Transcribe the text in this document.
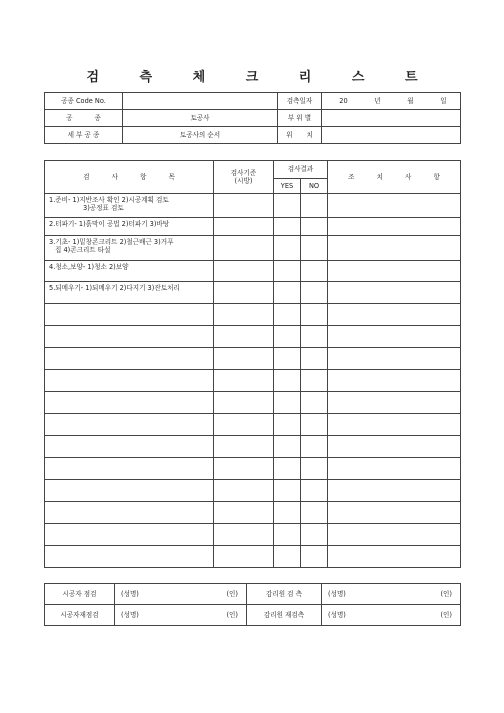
검 측 체 크 리 스 트
공종 Code No.		검측일자	20 년 월 일

공 종	토공사	부 위 별	
세 부 공 종	토공사의 순서	위 치	
검 사 항 목	검사기준
(시방)	검사결과		조 치 사 항
		YES	NO	
1.준비- 1)지반조사 확인 2)시공계획 검토
3)공정표 검토				

2.터파기- 1)흙막이 공법 2)터파기 3)바탕				
3.기초- 1)밑창콘크리트 2)철근배근 3)거푸
집 4)콘크리트 타설				
4.청소,보양- 1)청소 2)보양				
5.되메우기- 1)되메우기 2)다지기 3)잔토처리				

시공자 점검	(성명) (인)	감리원 검 측	(성명) (인)

시공자재점검	(성명) (인)	감리원 재검측	(성명) (인)
